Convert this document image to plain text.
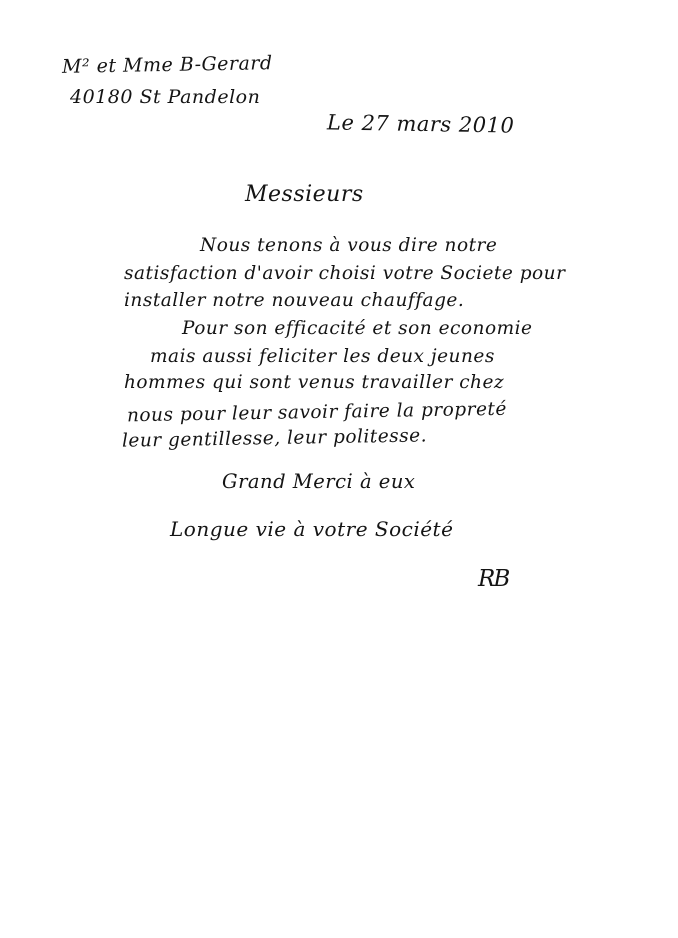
M² et Mme B-Gerard
40180 St Pandelon
Le 27 mars 2010
Messieurs
Nous tenons à vous dire notre
satisfaction d'avoir choisi votre Societe pour
installer notre nouveau chauffage.
Pour son efficacité et son economie
mais aussi feliciter les deux jeunes
hommes qui sont venus travailler chez
nous pour leur savoir faire la propreté
leur gentillesse, leur politesse.
Grand Merci à eux
Longue vie à votre Société
RB
